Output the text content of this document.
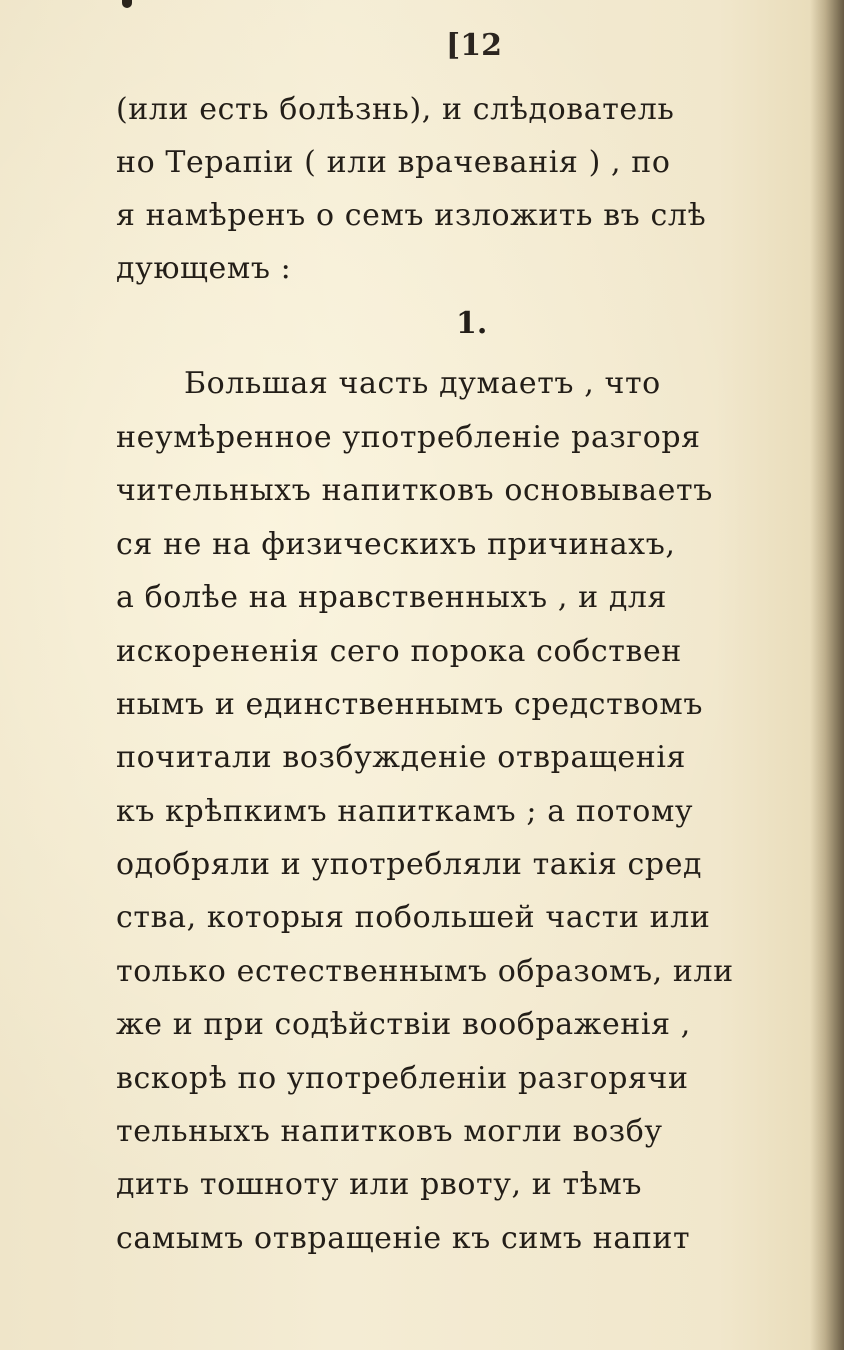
[12
(или есть болѣзнь), и слѣдователь
но Терапіи ( или врачеванія ) , по
я намѣренъ о семъ изложить въ слѣ
дующемъ :
1.
Большая часть думаетъ , что
неумѣренное употребленіе разгоря
чительныхъ напитковъ основываетъ
ся не на физическихъ причинахъ,
а болѣе на нравственныхъ , и для
искорененія сего порока собствен
нымъ и единственнымъ средствомъ
почитали возбужденіе отвращенія
къ крѣпкимъ напиткамъ ; а потому
одобряли и употребляли такія сред
ства, которыя побольшей части или
только естественнымъ образомъ, или
же и при содѣйствіи воображенія ,
вскорѣ по употребленіи разгорячи
тельныхъ напитковъ могли возбу
дить тошноту или рвоту, и тѣмъ
самымъ отвращеніе къ симъ напит
